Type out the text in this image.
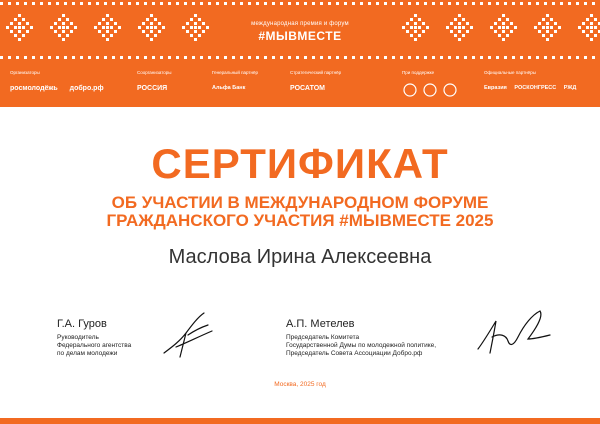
международная премия и форум
#МЫВМЕСТЕ
Организаторы
росмолодёжь добро.рф
Соорганизаторы
РОССИЯ
Генеральный партнёр
Альфа Банк
Стратегический партнёр
РОСАТОМ
При поддержке	Официальные партнёры
Евразия РОСКОНГРЕСС РЖД
СЕРТИФИКАТ
ОБ УЧАСТИИ В МЕЖДУНАРОДНОМ ФОРУМЕ
ГРАЖДАНСКОГО УЧАСТИЯ #МЫВМЕСТЕ 2025
Маслова Ирина Алексеевна
Г.А. Гуров
Руководитель
Федерального агентства
по делам молодежи
А.П. Метелев
Председатель Комитета
Государственной Думы по молодежной политике,
Председатель Совета Ассоциации Добро.рф
Москва, 2025 год
